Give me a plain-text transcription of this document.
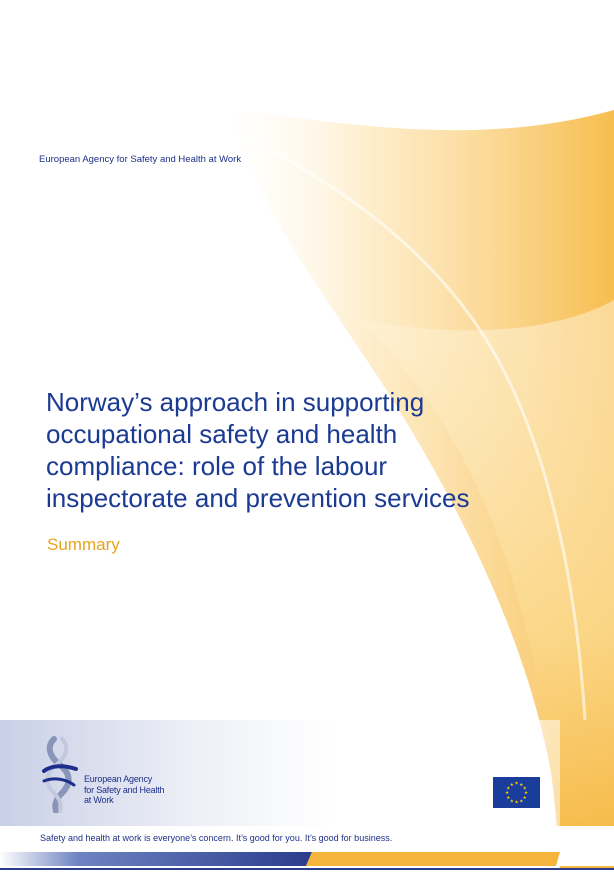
European Agency for Safety and Health at Work
Norway’s approach in supporting
occupational safety and health
compliance: role of the labour
inspectorate and prevention services
Summary
European Agency
for Safety and Health
at Work
★ ★
★
★
★
★
★
★
★
★
★
★
Safety and health at work is everyone’s concern. It’s good for you. It’s good for business.
